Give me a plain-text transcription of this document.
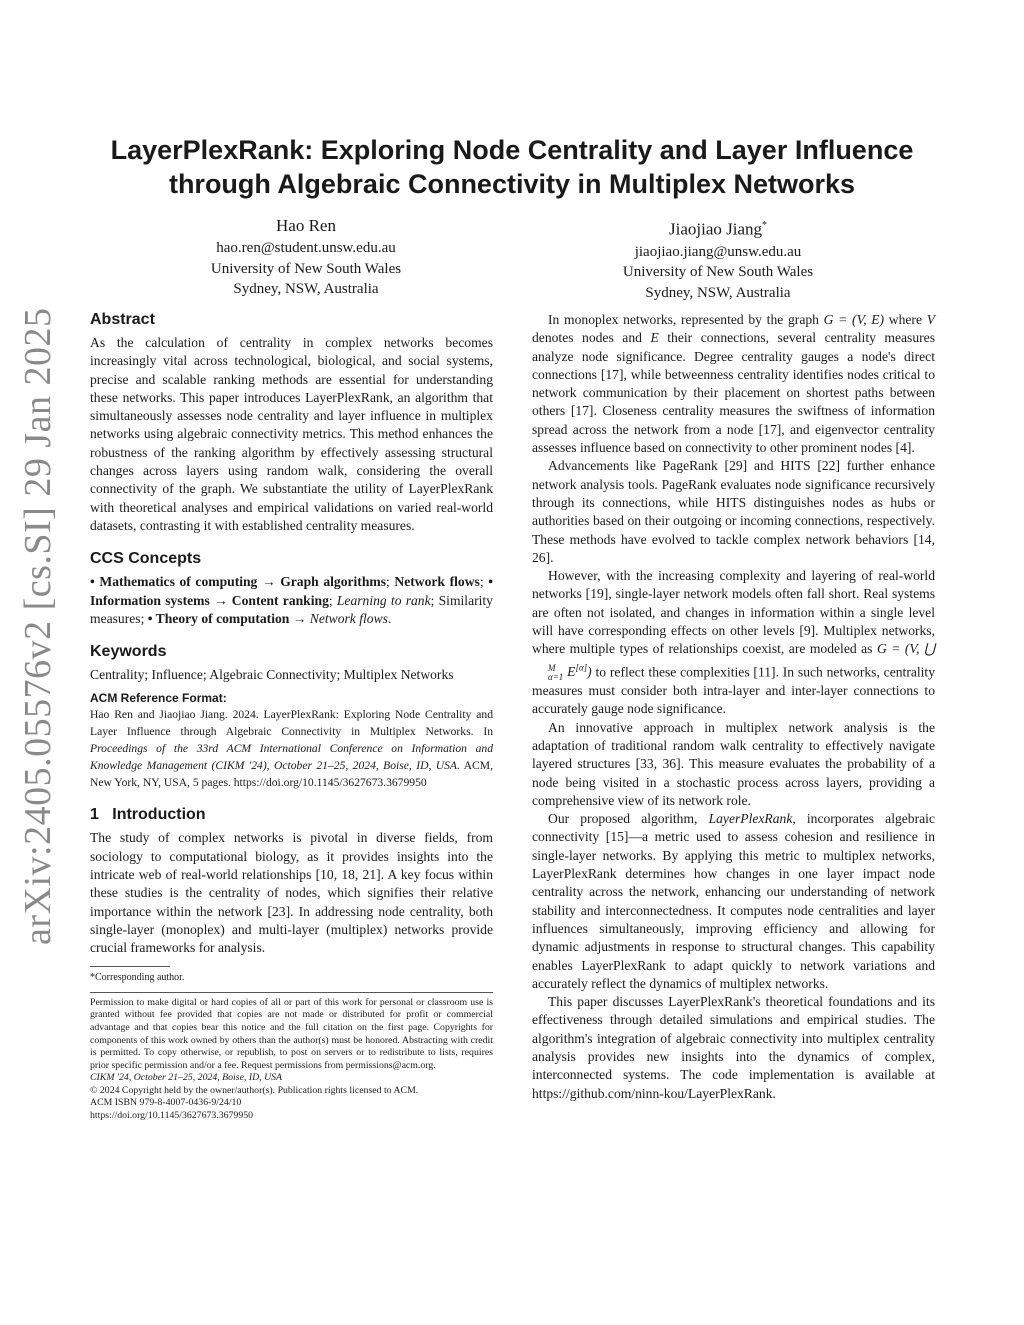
arXiv:2405.05576v2 [cs.SI] 29 Jan 2025
LayerPlexRank: Exploring Node Centrality and Layer Influence
through Algebraic Connectivity in Multiplex Networks
Hao Ren
hao.ren@student.unsw.edu.au
University of New South Wales
Sydney, NSW, Australia
Jiaojiao Jiang*
jiaojiao.jiang@unsw.edu.au
University of New South Wales
Sydney, NSW, Australia
Abstract

As the calculation of centrality in complex networks becomes increasingly vital across technological, biological, and social systems, precise and scalable ranking methods are essential for understanding these networks. This paper introduces LayerPlexRank, an algorithm that simultaneously assesses node centrality and layer influence in multiplex networks using algebraic connectivity metrics. This method enhances the robustness of the ranking algorithm by effectively assessing structural changes across layers using random walk, considering the overall connectivity of the graph. We substantiate the utility of LayerPlexRank with theoretical analyses and empirical validations on varied real-world datasets, contrasting it with established centrality measures.

CCS Concepts

• Mathematics of computing → Graph algorithms; Network flows; • Information systems → Content ranking; Learning to rank; Similarity measures; • Theory of computation → Network flows.

Keywords

Centrality; Influence; Algebraic Connectivity; Multiplex Networks

ACM Reference Format:

Hao Ren and Jiaojiao Jiang. 2024. LayerPlexRank: Exploring Node Centrality and Layer Influence through Algebraic Connectivity in Multiplex Networks. In Proceedings of the 33rd ACM International Conference on Information and Knowledge Management (CIKM '24), October 21–25, 2024, Boise, ID, USA. ACM, New York, NY, USA, 5 pages. https://doi.org/10.1145/3627673.3679950

1 Introduction

The study of complex networks is pivotal in diverse fields, from sociology to computational biology, as it provides insights into the intricate web of real-world relationships [10, 18, 21]. A key focus within these studies is the centrality of nodes, which signifies their relative importance within the network [23]. In addressing node centrality, both single-layer (monoplex) and multi-layer (multiplex) networks provide crucial frameworks for analysis.

*Corresponding author.

Permission to make digital or hard copies of all or part of this work for personal or classroom use is granted without fee provided that copies are not made or distributed for profit or commercial advantage and that copies bear this notice and the full citation on the first page. Copyrights for components of this work owned by others than the author(s) must be honored. Abstracting with credit is permitted. To copy otherwise, or republish, to post on servers or to redistribute to lists, requires prior specific permission and/or a fee. Request permissions from permissions@acm.org.

CIKM '24, October 21–25, 2024, Boise, ID, USA

© 2024 Copyright held by the owner/author(s). Publication rights licensed to ACM.

ACM ISBN 979-8-4007-0436-9/24/10

https://doi.org/10.1145/3627673.3679950

In monoplex networks, represented by the graph G = (V, E) where V denotes nodes and E their connections, several centrality measures analyze node significance. Degree centrality gauges a node's direct connections [17], while betweenness centrality identifies nodes critical to network communication by their placement on shortest paths between others [17]. Closeness centrality measures the swiftness of information spread across the network from a node [17], and eigenvector centrality assesses influence based on connectivity to other prominent nodes [4].

Advancements like PageRank [29] and HITS [22] further enhance network analysis tools. PageRank evaluates node significance recursively through its connections, while HITS distinguishes nodes as hubs or authorities based on their outgoing or incoming connections, respectively. These methods have evolved to tackle complex network behaviors [14, 26].

However, with the increasing complexity and layering of real-world networks [19], single-layer network models often fall short. Real systems are often not isolated, and changes in information within a single level will have corresponding effects on other levels [9]. Multiplex networks, where multiple types of relationships coexist, are modeled as G = (V, ⋃
M
α=1 E[α]) to reflect these complexities [11]. In such networks, centrality measures must consider both intra-layer and inter-layer connections to accurately gauge node significance.

An innovative approach in multiplex network analysis is the adaptation of traditional random walk centrality to effectively navigate layered structures [33, 36]. This measure evaluates the probability of a node being visited in a stochastic process across layers, providing a comprehensive view of its network role.

Our proposed algorithm, LayerPlexRank, incorporates algebraic connectivity [15]—a metric used to assess cohesion and resilience in single-layer networks. By applying this metric to multiplex networks, LayerPlexRank determines how changes in one layer impact node centrality across the network, enhancing our understanding of network stability and interconnectedness. It computes node centralities and layer influences simultaneously, improving efficiency and allowing for dynamic adjustments in response to structural changes. This capability enables LayerPlexRank to adapt quickly to network variations and accurately reflect the dynamics of multiplex networks.

This paper discusses LayerPlexRank's theoretical foundations and its effectiveness through detailed simulations and empirical studies. The algorithm's integration of algebraic connectivity into multiplex centrality analysis provides new insights into the dynamics of complex, interconnected systems. The code implementation is available at https://github.com/ninn-kou/LayerPlexRank.
